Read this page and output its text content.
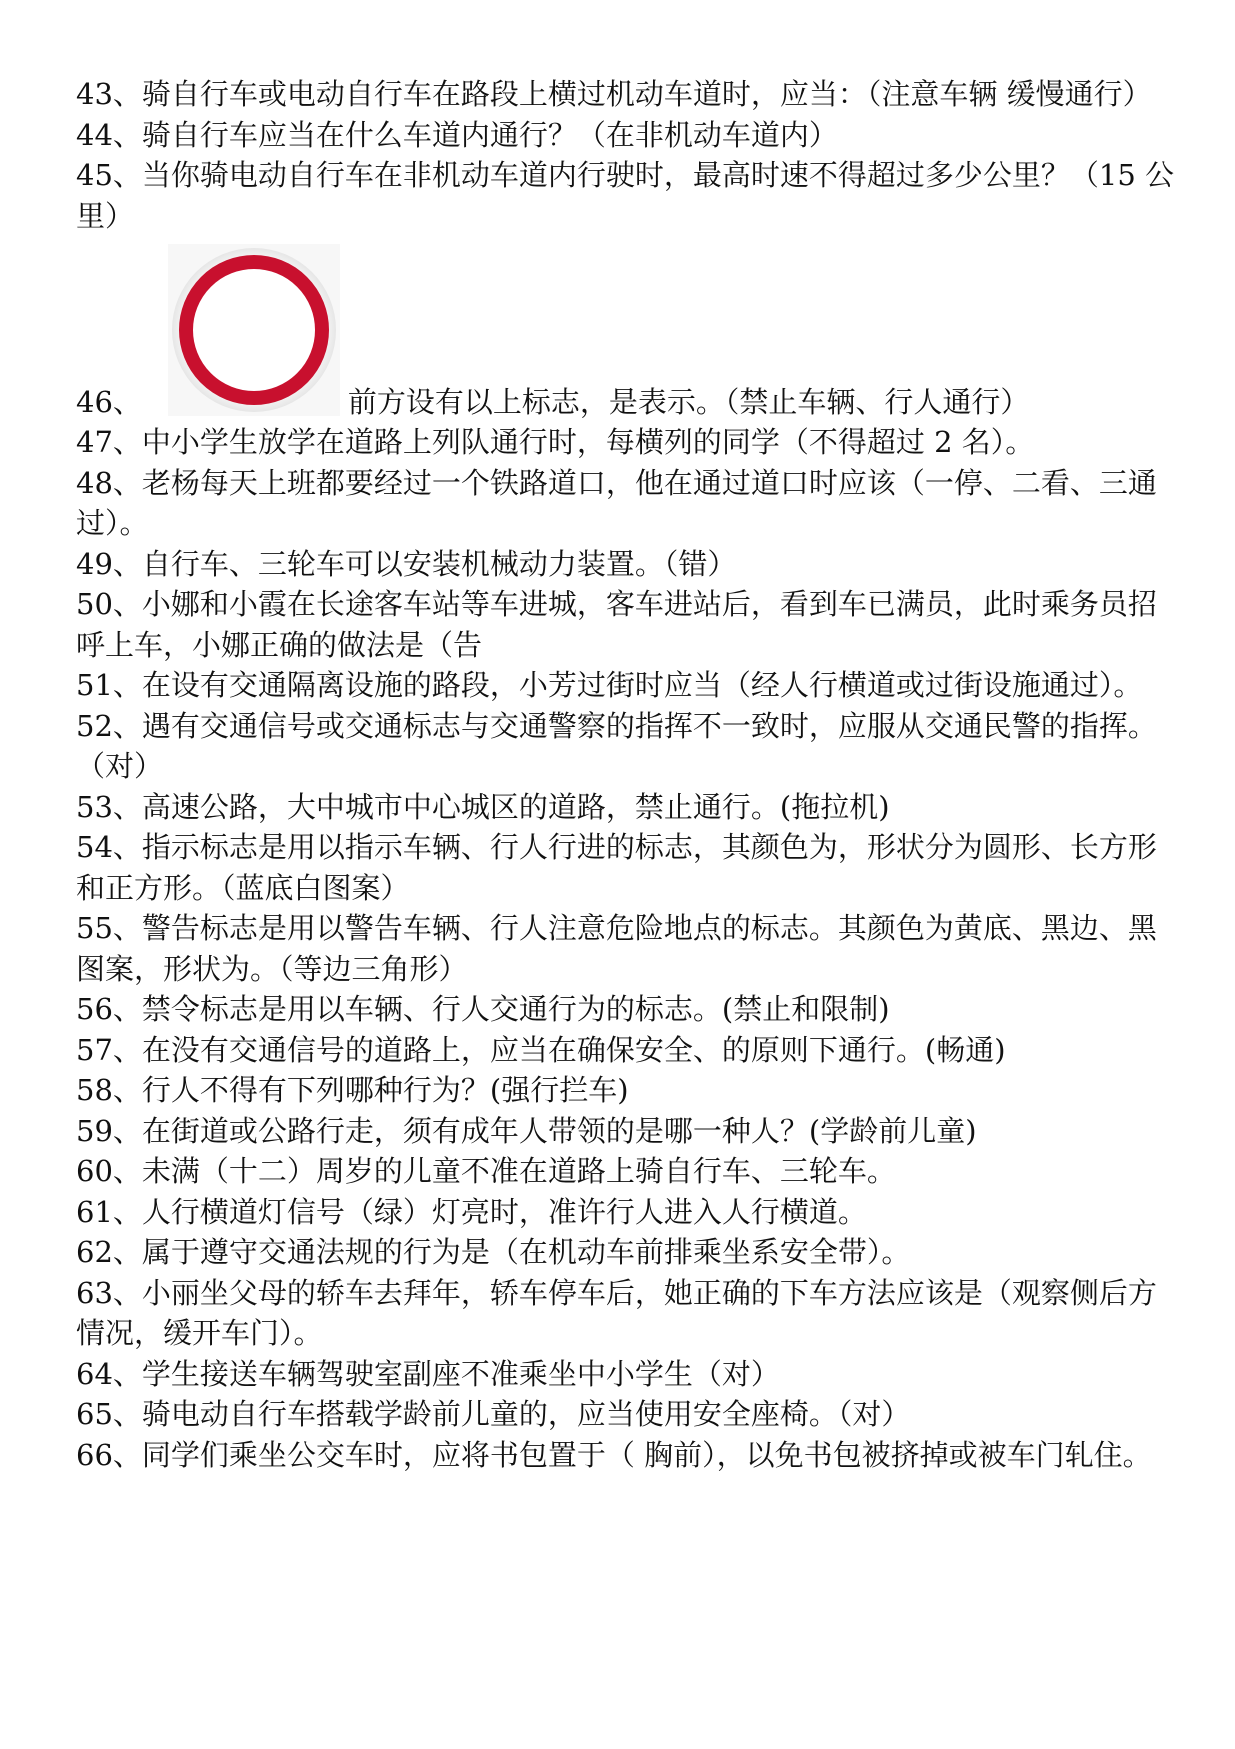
43、骑自行车或电动自行车在路段上横过机动车道时，应当：（注意车辆 缓慢通行）

44、骑自行车应当在什么车道内通行？（在非机动车道内）

45、当你骑电动自行车在非机动车道内行驶时，最高时速不得超过多少公里？（15 公里）

46、	前方设有以上标志，是表示。（禁止车辆、行人通行）

47、中小学生放学在道路上列队通行时，每横列的同学（不得超过 2 名）。

48、老杨每天上班都要经过一个铁路道口，他在通过道口时应该（一停、二看、三通过）。

49、自行车、三轮车可以安装机械动力装置。（错）

50、小娜和小霞在长途客车站等车进城，客车进站后，看到车已满员，此时乘务员招呼上车，小娜正确的做法是（告

51、在设有交通隔离设施的路段，小芳过街时应当（经人行横道或过街设施通过）。

52、遇有交通信号或交通标志与交通警察的指挥不一致时，应服从交通民警的指挥。（对）

53、高速公路，大中城市中心城区的道路，禁止通行。(拖拉机)

54、指示标志是用以指示车辆、行人行进的标志，其颜色为，形状分为圆形、长方形和正方形。（蓝底白图案）

55、警告标志是用以警告车辆、行人注意危险地点的标志。其颜色为黄底、黑边、黑图案，形状为。（等边三角形）

56、禁令标志是用以车辆、行人交通行为的标志。(禁止和限制)

57、在没有交通信号的道路上，应当在确保安全、的原则下通行。(畅通)

58、行人不得有下列哪种行为？(强行拦车)

59、在街道或公路行走，须有成年人带领的是哪一种人？(学龄前儿童)

60、未满（十二）周岁的儿童不准在道路上骑自行车、三轮车。

61、人行横道灯信号（绿）灯亮时，准许行人进入人行横道。

62、属于遵守交通法规的行为是（在机动车前排乘坐系安全带）。

63、小丽坐父母的轿车去拜年，轿车停车后，她正确的下车方法应该是（观察侧后方情况，缓开车门）。

64、学生接送车辆驾驶室副座不准乘坐中小学生（对）

65、骑电动自行车搭载学龄前儿童的，应当使用安全座椅。（对）

66、同学们乘坐公交车时，应将书包置于（ 胸前），以免书包被挤掉或被车门轧住。
